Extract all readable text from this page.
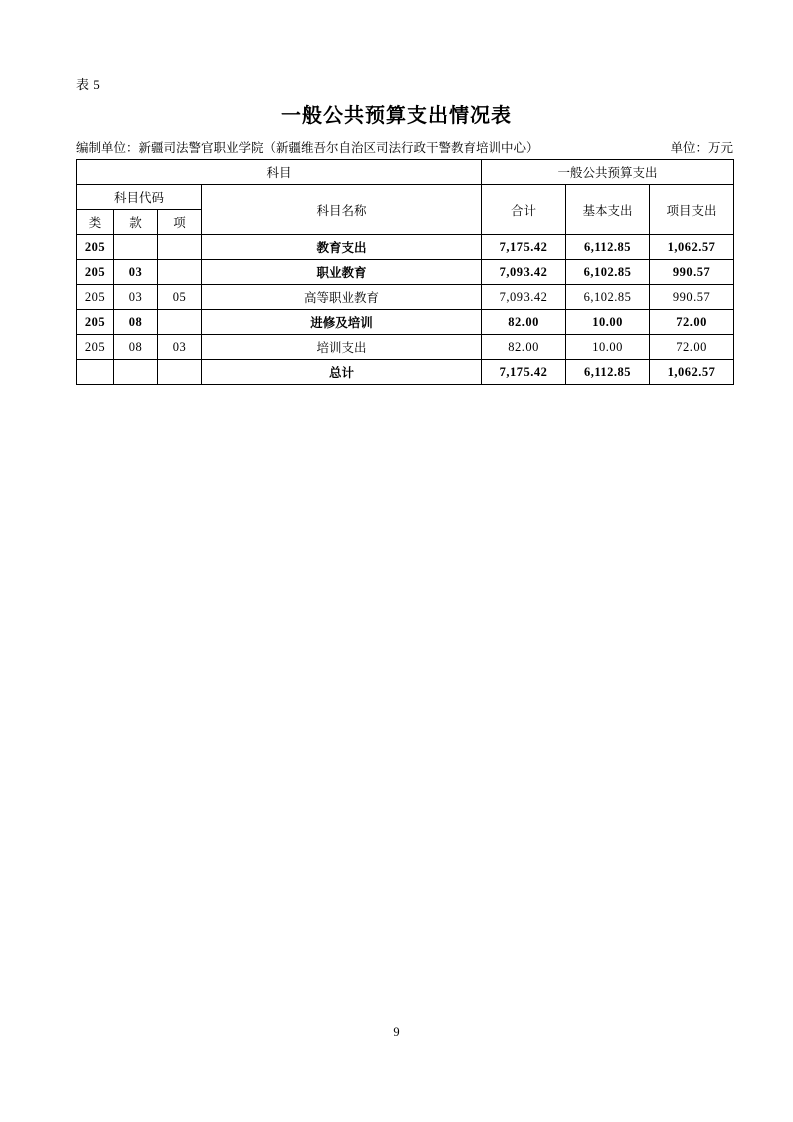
表 5
一般公共预算支出情况表
编制单位：新疆司法警官职业学院（新疆维吾尔自治区司法行政干警教育培训中心）	单位：万元
科目				一般公共预算支出		
科目代码			科目名称	合计	基本支出	项目支出
类	款	项				
205			教育支出	7,175.42	6,112.85	1,062.57
205	03		职业教育	7,093.42	6,102.85	990.57
205	03	05	高等职业教育	7,093.42	6,102.85	990.57
205	08		进修及培训	82.00	10.00	72.00
205	08	03	培训支出	82.00	10.00	72.00
			总计	7,175.42	6,112.85	1,062.57
9
